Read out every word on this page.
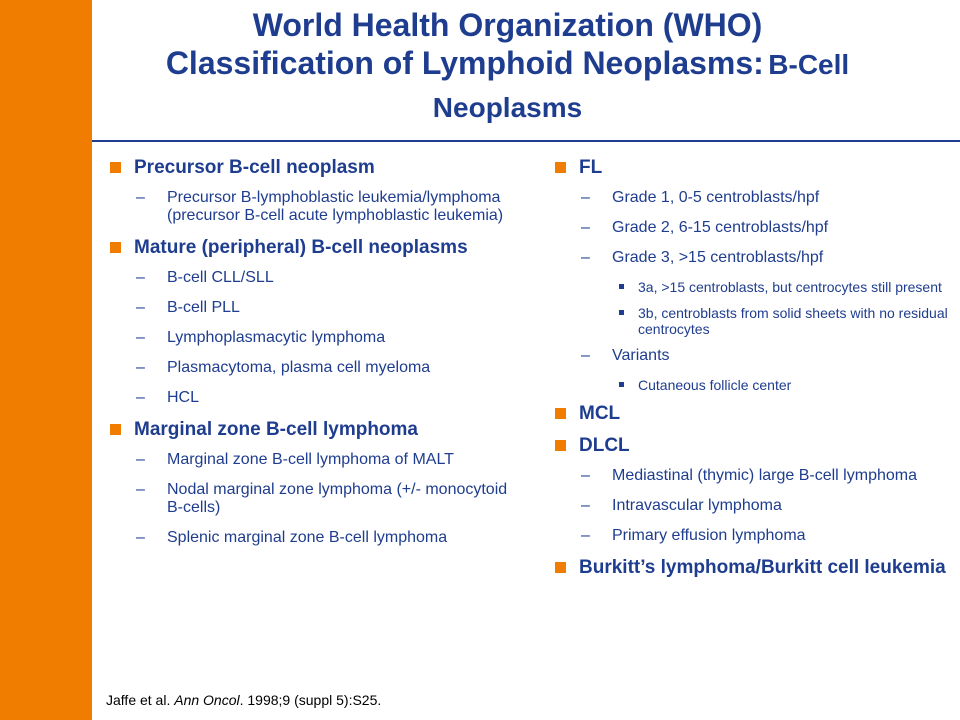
World Health Organization (WHO)
Classification of Lymphoid Neoplasms: B-Cell
Neoplasms
Precursor B-cell neoplasm
– Precursor B-lymphoblastic leukemia/lymphoma (precursor B-cell acute lymphoblastic leukemia)
Mature (peripheral) B-cell neoplasms
– B-cell CLL/SLL
– B-cell PLL
– Lymphoplasmacytic lymphoma
– Plasmacytoma, plasma cell myeloma
– HCL
Marginal zone B-cell lymphoma
– Marginal zone B-cell lymphoma of MALT
– Nodal marginal zone lymphoma (+/- monocytoid B-cells)
– Splenic marginal zone B-cell lymphoma
FL
– Grade 1, 0-5 centroblasts/hpf
– Grade 2, 6-15 centroblasts/hpf
– Grade 3, >15 centroblasts/hpf
3a, >15 centroblasts, but centrocytes still present
3b, centroblasts from solid sheets with no residual centrocytes
– Variants
Cutaneous follicle center
MCL
DLCL
– Mediastinal (thymic) large B-cell lymphoma
– Intravascular lymphoma
– Primary effusion lymphoma
Burkitt’s lymphoma/Burkitt cell leukemia
Jaffe et al. Ann Oncol. 1998;9 (suppl 5):S25.
